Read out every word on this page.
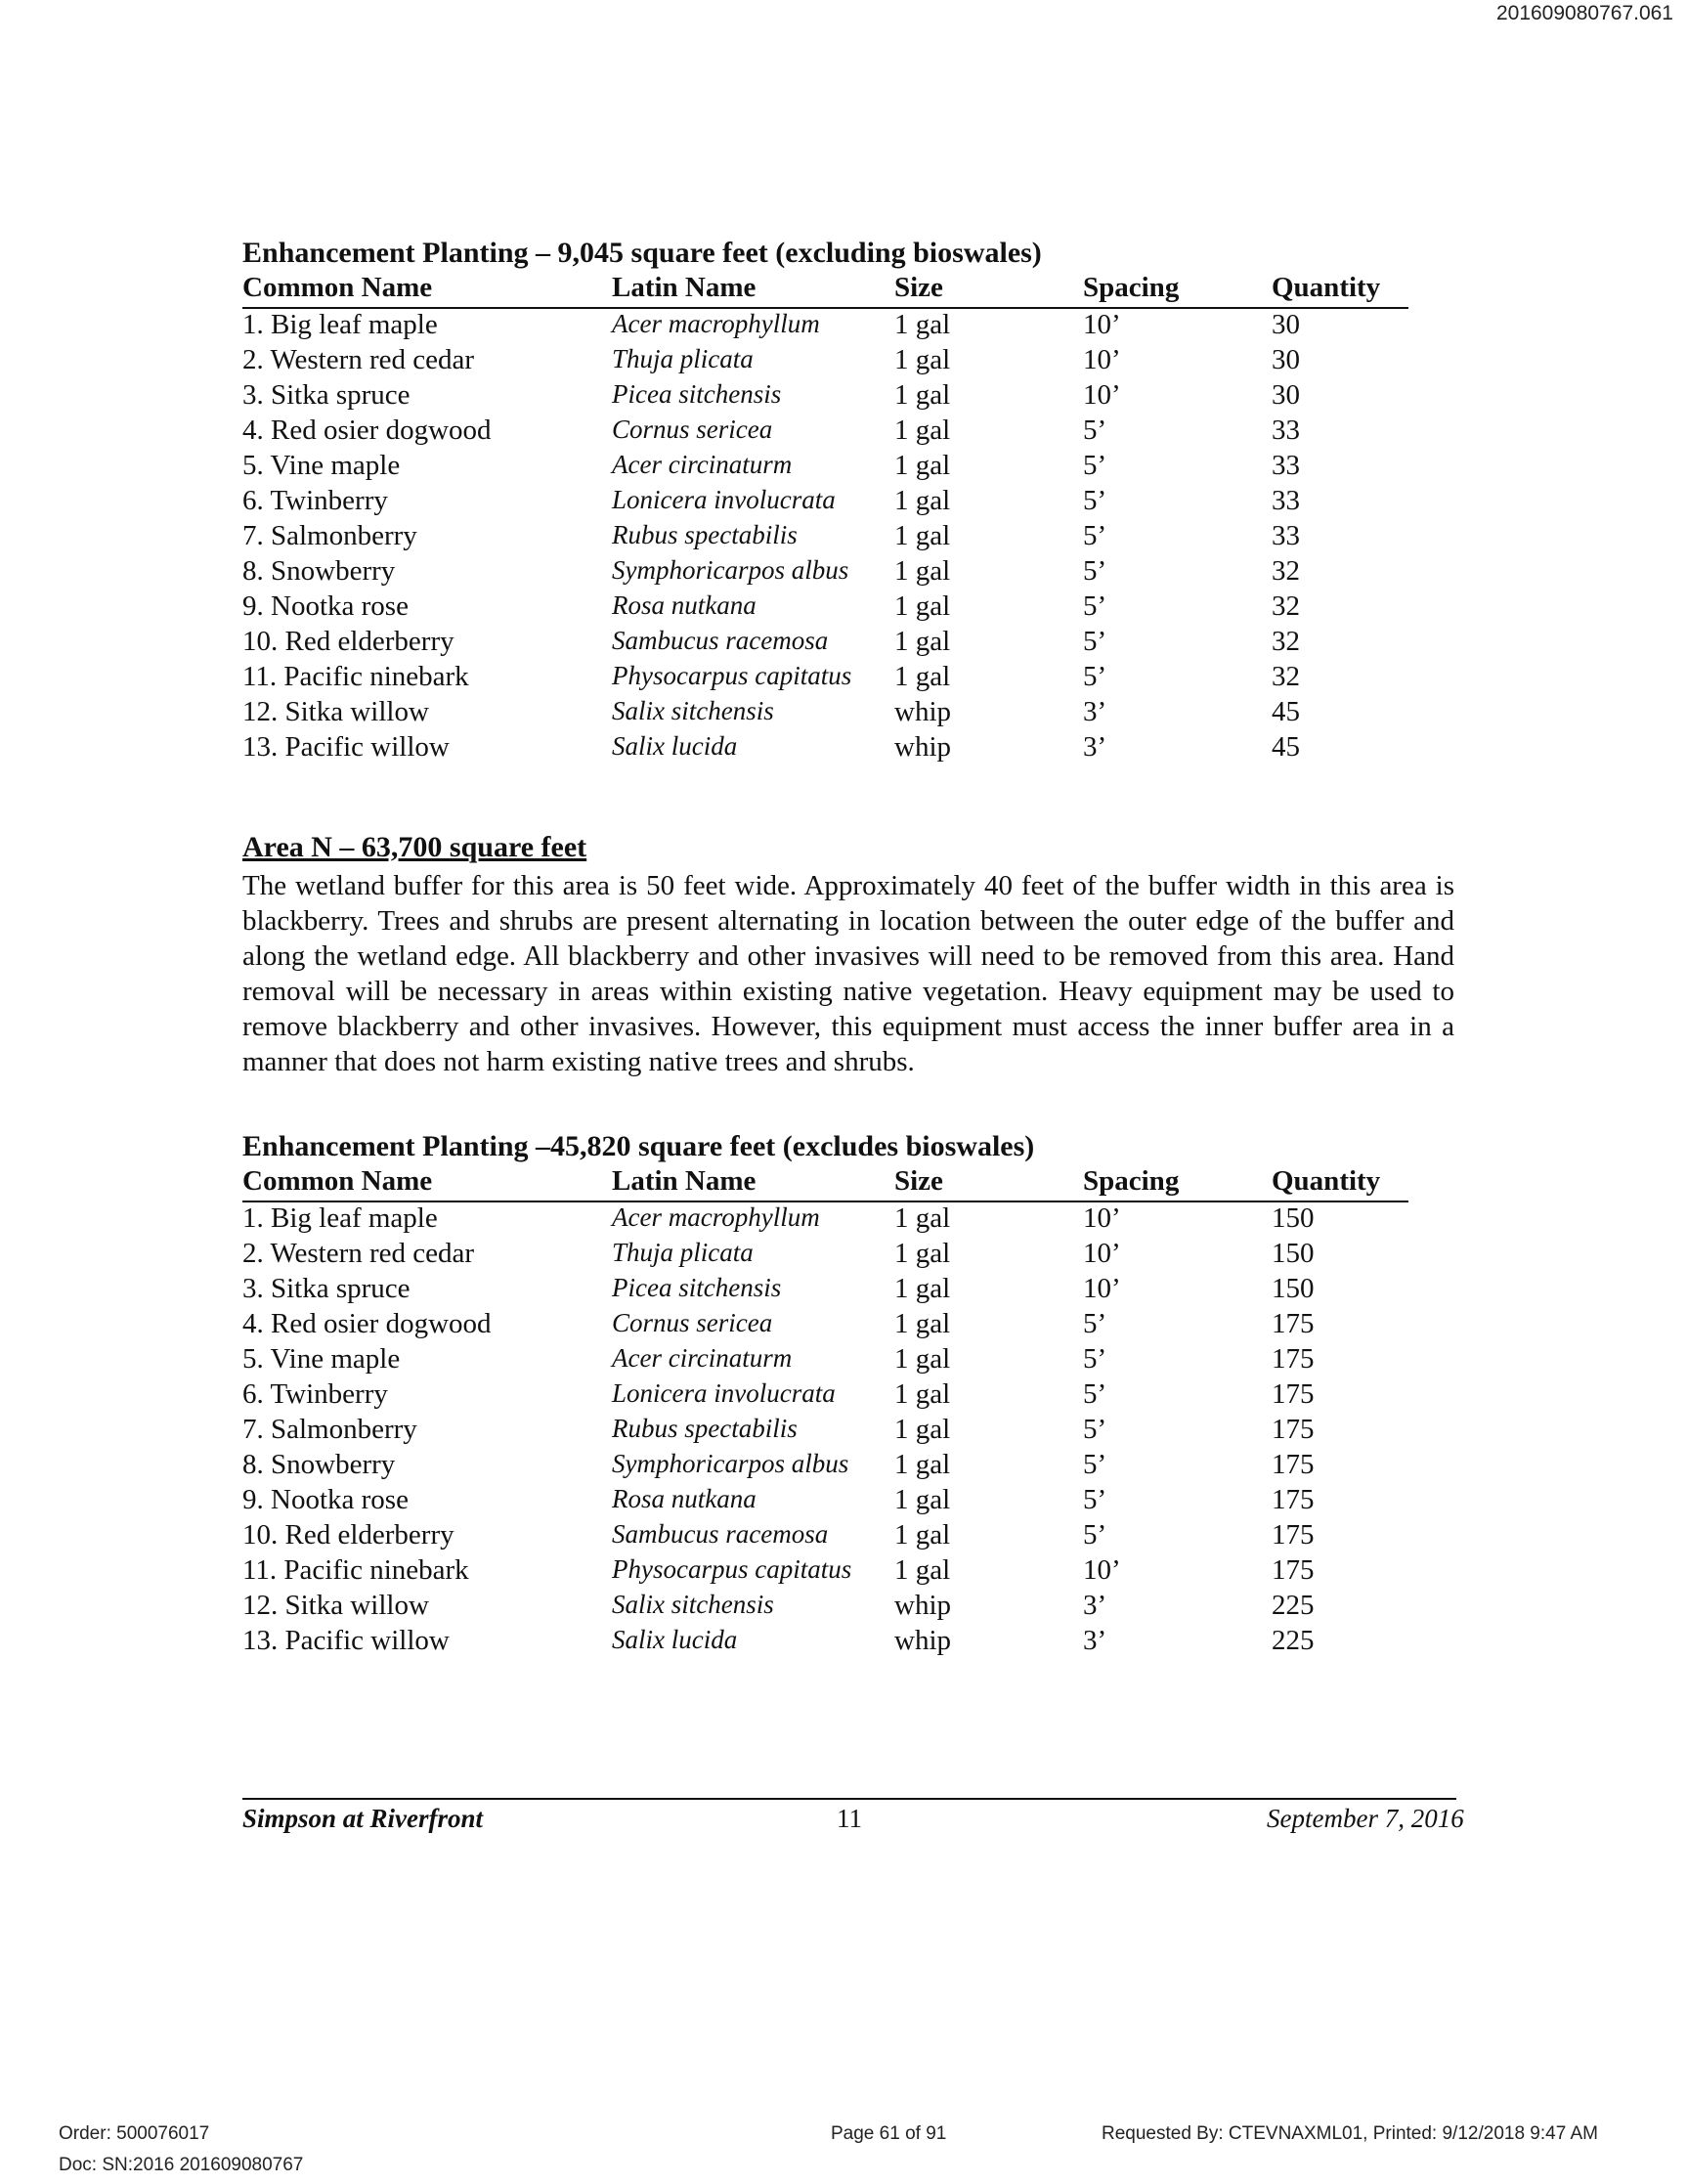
201609080767.061
Enhancement Planting – 9,045 square feet (excluding bioswales)
Common Name	Latin Name	Size	Spacing	Quantity
1. Big leaf maple	Acer macrophyllum	1 gal	10’	30
2. Western red cedar	Thuja plicata	1 gal	10’	30
3. Sitka spruce	Picea sitchensis	1 gal	10’	30
4. Red osier dogwood	Cornus sericea	1 gal	5’	33
5. Vine maple	Acer circinaturm	1 gal	5’	33
6. Twinberry	Lonicera involucrata 1 gal	5’	33
7. Salmonberry	Rubus spectabilis	1 gal	5’	33
8. Snowberry	Symphoricarpos albus 1 gal	5’	32
9. Nootka rose	Rosa nutkana	1 gal	5’	32
10. Red elderberry	Sambucus racemosa 1 gal	5’	32
11. Pacific ninebark	Physocarpus capitatus 1 gal	5’	32
12. Sitka willow	Salix sitchensis	whip	3’	45
13. Pacific willow	Salix lucida	whip	3’	45
Area N – 63,700 square feet
The wetland buffer for this area is 50 feet wide. Approximately 40 feet of the buffer width in this area is blackberry. Trees and shrubs are present alternating in location between the outer edge of the buffer and along the wetland edge. All blackberry and other invasives will need to be removed from this area. Hand removal will be necessary in areas within existing native vegetation. Heavy equipment may be used to remove blackberry and other invasives. However, this equipment must access the inner buffer area in a manner that does not harm existing native trees and shrubs.
Enhancement Planting –45,820 square feet (excludes bioswales)
Common Name	Latin Name	Size	Spacing	Quantity
1. Big leaf maple	Acer macrophyllum	1 gal	10’	150
2. Western red cedar	Thuja plicata	1 gal	10’	150
3. Sitka spruce	Picea sitchensis	1 gal	10’	150
4. Red osier dogwood	Cornus sericea	1 gal	5’	175
5. Vine maple	Acer circinaturm	1 gal	5’	175
6. Twinberry	Lonicera involucrata 1 gal	5’	175
7. Salmonberry	Rubus spectabilis	1 gal	5’	175
8. Snowberry	Symphoricarpos albus 1 gal	5’	175
9. Nootka rose	Rosa nutkana	1 gal	5’	175
10. Red elderberry	Sambucus racemosa 1 gal	5’	175
11. Pacific ninebark	Physocarpus capitatus 1 gal	10’	175
12. Sitka willow	Salix sitchensis	whip	3’	225
13. Pacific willow	Salix lucida	whip	3’	225
Simpson at Riverfront	11	September 7, 2016
Order: 500076017
Doc: SN:2016 201609080767
Page 61 of 91	Requested By: CTEVNAXML01, Printed: 9/12/2018 9:47 AM
